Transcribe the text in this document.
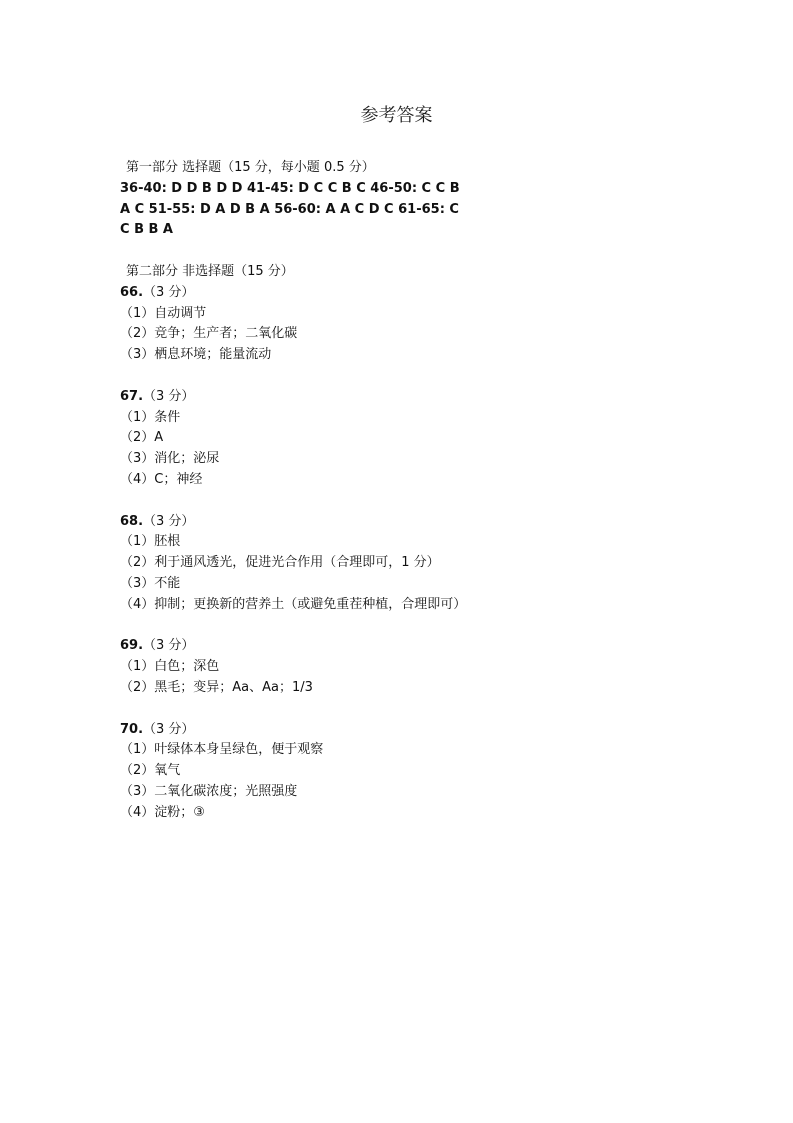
参考答案
第一部分 选择题（15 分，每小题 0.5 分）
36-40: D D B D D 41-45: D C C B C 46-50: C C B
A C 51-55: D A D B A 56-60: A A C D C 61-65: C
C B B A
第二部分 非选择题（15 分）
66.（3 分）
（1）自动调节
（2）竞争；生产者；二氧化碳
（3）栖息环境；能量流动
67.（3 分）
（1）条件
（2）A
（3）消化；泌尿
（4）C；神经
68.（3 分）
（1）胚根
（2）利于通风透光，促进光合作用（合理即可，1 分）
（3）不能
（4）抑制；更换新的营养土（或避免重茬种植，合理即可）
69.（3 分）
（1）白色；深色
（2）黑毛；变异；Aa、Aa；1/3
70.（3 分）
（1）叶绿体本身呈绿色，便于观察
（2）氧气
（3）二氧化碳浓度；光照强度
（4）淀粉；③
